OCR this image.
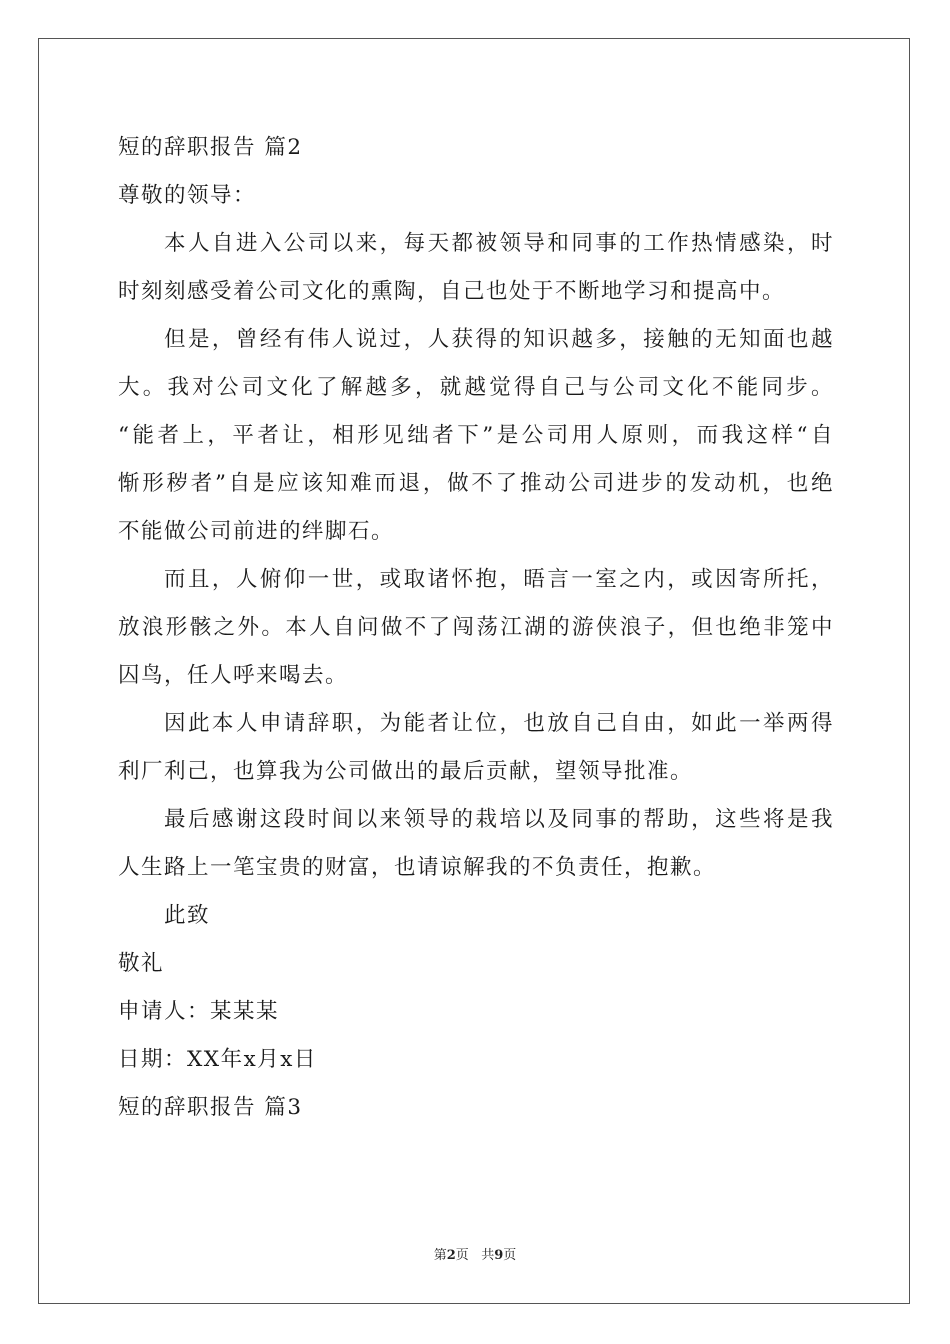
短的辞职报告 篇2
尊敬的领导：
本人自进入公司以来，每天都被领导和同事的工作热情感染，时
时刻刻感受着公司文化的熏陶，自己也处于不断地学习和提高中。
但是，曾经有伟人说过，人获得的知识越多，接触的无知面也越
大。我对公司文化了解越多，就越觉得自己与公司文化不能同步。
“能者上，平者让，相形见绌者下”是公司用人原则，而我这样“自
惭形秽者”自是应该知难而退，做不了推动公司进步的发动机，也绝
不能做公司前进的绊脚石。
而且，人俯仰一世，或取诸怀抱，晤言一室之内，或因寄所托，
放浪形骸之外。本人自问做不了闯荡江湖的游侠浪子，但也绝非笼中
囚鸟，任人呼来喝去。
因此本人申请辞职，为能者让位，也放自己自由，如此一举两得
利厂利己，也算我为公司做出的最后贡献，望领导批准。
最后感谢这段时间以来领导的栽培以及同事的帮助，这些将是我
人生路上一笔宝贵的财富，也请谅解我的不负责任，抱歉。
此致
敬礼
申请人：某某某
日期：XX年x月x日
短的辞职报告 篇3
第2页 共9页
